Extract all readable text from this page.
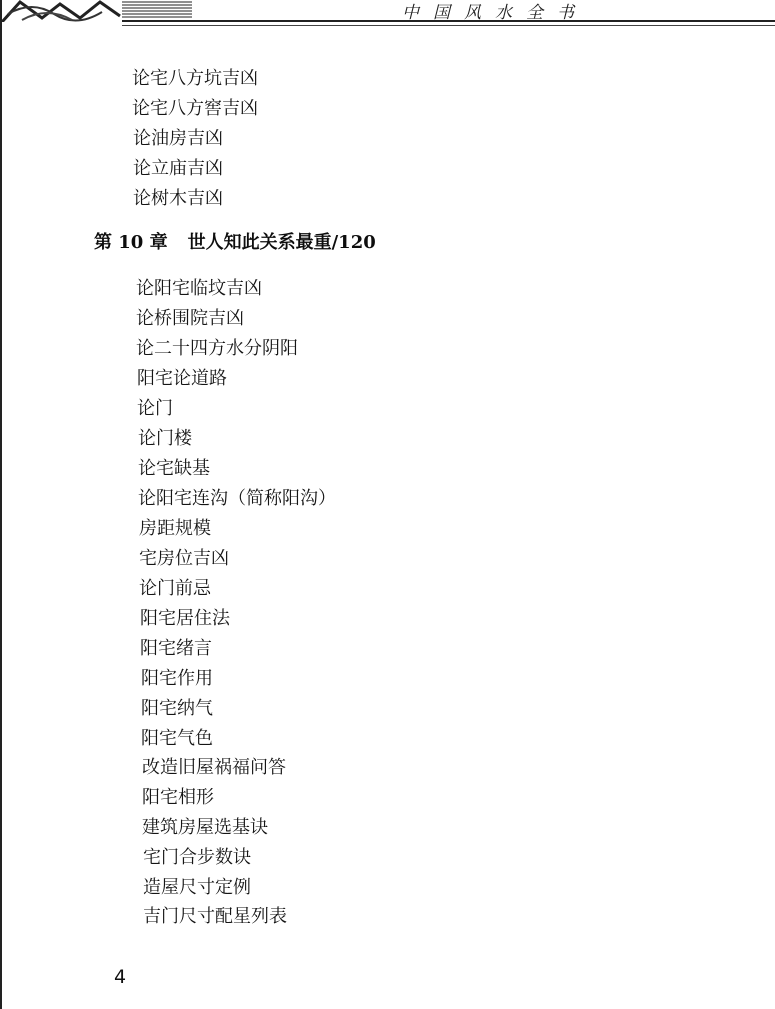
中国风水全书
论宅八方坑吉凶
论宅八方窖吉凶
论油房吉凶
论立庙吉凶
论树木吉凶
第 10 章 世人知此关系最重/120
论阳宅临坟吉凶
论桥围院吉凶
论二十四方水分阴阳
阳宅论道路
论门
论门楼
论宅缺基
论阳宅连沟（简称阳沟）
房距规模
宅房位吉凶
论门前忌
阳宅居住法
阳宅绪言
阳宅作用
阳宅纳气
阳宅气色
改造旧屋祸福问答
阳宅相形
建筑房屋选基诀
宅门合步数诀
造屋尺寸定例
吉门尺寸配星列表
4
